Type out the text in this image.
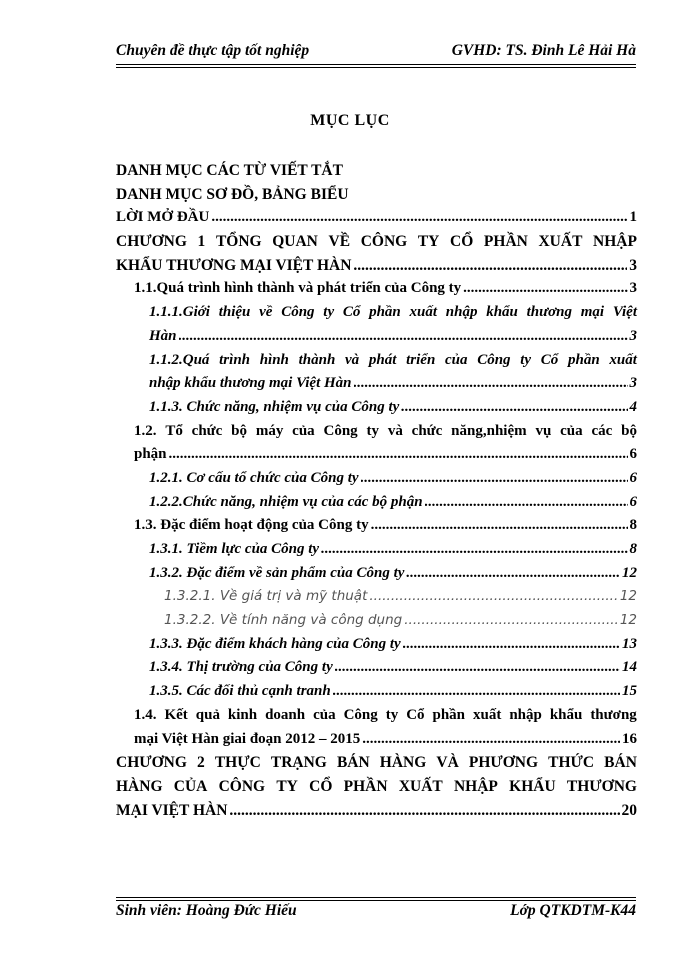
Chuyên đề thực tập tốt nghiệp	GVHD: TS. Đinh Lê Hải Hà
MỤC LỤC
DANH MỤC CÁC TỪ VIẾT TẮT
DANH MỤC SƠ ĐỒ, BẢNG BIỂU
LỜI MỞ ĐẦU .....	1
CHƯƠNG 1 TỔNG QUAN VỀ CÔNG TY CỔ PHẦN XUẤT NHẬP
KHẨU THƯƠNG MẠI VIỆT HÀN .....	3
1.1.Quá trình hình thành và phát triển của Công ty .....	3
1.1.1.Giới thiệu về Công ty Cổ phần xuất nhập khẩu thương mại Việt
Hàn .....	3
1.1.2.Quá trình hình thành và phát triển của Công ty Cổ phần xuất
nhập khẩu thương mại Việt Hàn .....	3
1.1.3. Chức năng, nhiệm vụ của Công ty .....	4
1.2. Tổ chức bộ máy của Công ty và chức năng,nhiệm vụ của các bộ
phận .....	6
1.2.1. Cơ cấu tổ chức của Công ty .....	6
1.2.2.Chức năng, nhiệm vụ của các bộ phận .....	6
1.3. Đặc điểm hoạt động của Công ty .....	8
1.3.1. Tiềm lực của Công ty .....	8
1.3.2. Đặc điểm về sản phẩm của Công ty .....	12
1.3.2.1. Về giá trị và mỹ thuật .....	12
1.3.2.2. Về tính năng và công dụng .....	12
1.3.3. Đặc điểm khách hàng của Công ty .....	13
1.3.4. Thị trường của Công ty .....	14
1.3.5. Các đối thủ cạnh tranh .....	15
1.4. Kết quả kinh doanh của Công ty Cổ phần xuất nhập khẩu thương
mại Việt Hàn giai đoạn 2012 – 2015 .....	16
CHƯƠNG 2 THỰC TRẠNG BÁN HÀNG VÀ PHƯƠNG THỨC BÁN
HÀNG CỦA CÔNG TY CỔ PHẦN XUẤT NHẬP KHẨU THƯƠNG
MẠI VIỆT HÀN .....	20
Sinh viên: Hoàng Đức Hiếu	Lớp QTKDTM-K44
